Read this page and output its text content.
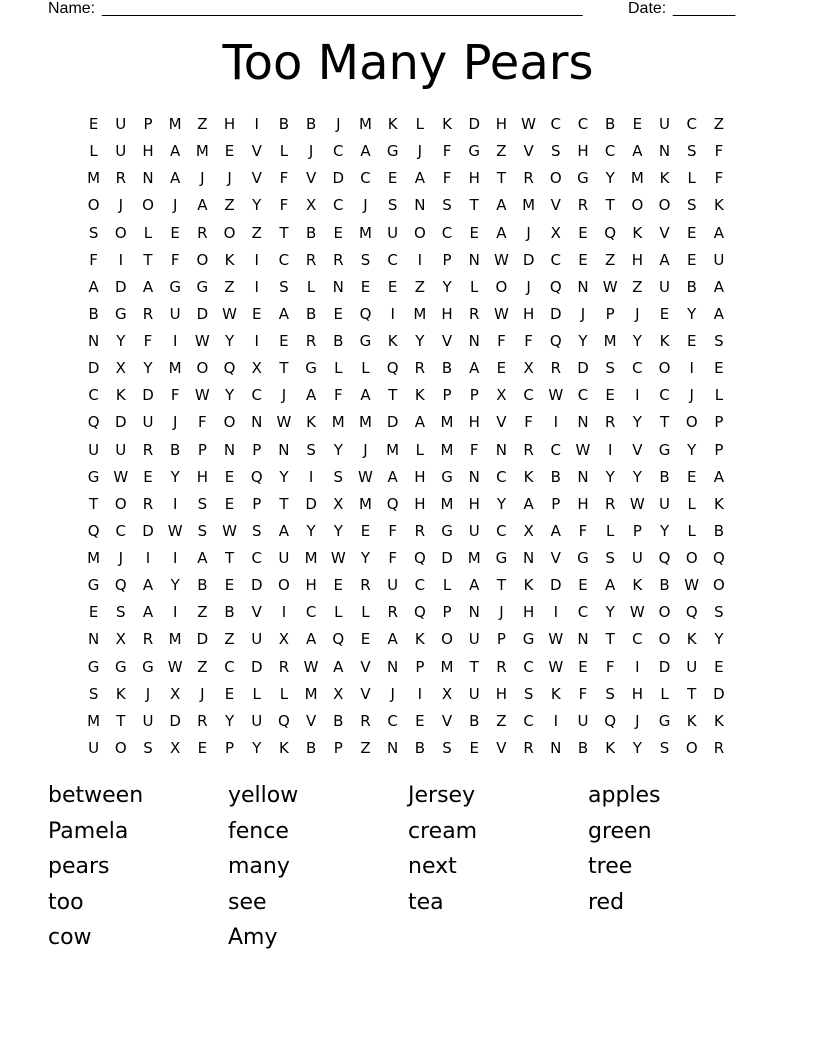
Name:

______________________________________________________

	Date:

_______

Too Many Pears
E	U	P	M	Z	H	I	B	B	J	M	K	L	K	D	H W C	C	B	E	U	C	Z
L	U	H	A	M	E	V	L	J	C	A	G	J	F	G	Z	V	S	H	C	A	N	S	F
M	R	N	A	J	J	V	F	V	D	C	E	A	F	H	T	R	O	G	Y	M	K	L	F
O	J	O	J	A	Z	Y	F	X	C	J	S	N	S	T	A	M	V	R	T	O	O	S	K
S	O	L	E	R	O	Z	T	B	E	M	U	O	C	E	A	J	X	E	Q	K	V	E	A
F	I	T	F	O	K	I	C	R	R	S	C	I	P	N W D	C	E	Z	H	A	E	U
A	D	A	G	G	Z	I	S	L	N	E	E	Z	Y	L	O	J	Q	N W Z	U	B	A
B	G	R	U	D W	E	A	B	E	Q	I	M	H	R W H	D	J	P	J	E	Y	A
N	Y	F	I	W	Y	I	E	R	B	G	K	Y	V	N	F	F	Q	Y	M	Y	K	E	S
D	X	Y	M O	Q	X	T	G	L	L	Q	R	B	A	E	X	R	D	S	C	O	I	E
C	K	D	F	W	Y	C	J	A	F	A	T	K	P	P	X	C W C	E	I	C	J	L
Q	D	U	J	F	O	N W K	M M D	A	M	H	V	F	I	N	R	Y	T	O	P
U	U	R	B	P	N	P	N	S	Y	J	M	L	M	F	N	R	C W	I	V	G	Y	P
G W	E	Y	H	E	Q	Y	I	S	W A	H	G	N	C	K	B	N	Y	Y	B	E	A
T	O	R	I	S	E	P	T	D	X	M Q	H	M	H	Y	A	P	H	R W U	L	K
Q	C	D W	S	W	S	A	Y	Y	E	F	R	G	U	C	X	A	F	L	P	Y	L	B
M	J	I	I	A	T	C	U	M W	Y	F	Q	D M G	N	V	G	S	U	Q	O	Q
G	Q	A	Y	B	E	D	O	H	E	R	U	C	L	A	T	K	D	E	A	K	B W O
E	S	A	I	Z	B	V	I	C	L	L	R	Q	P	N	J	H	I	C	Y	W O	Q	S
N	X	R	M D	Z	U	X	A	Q	E	A	K	O	U	P	G W N	T	C	O	K	Y
G	G	G W Z	C	D	R W A	V	N	P	M	T	R	C W	E	F	I	D	U	E
S	K	J	X	J	E	L	L	M	X	V	J	I	X	U	H	S	K	F	S	H	L	T	D
M	T	U	D	R	Y	U	Q	V	B	R	C	E	V	B	Z	C	I	U	Q	J	G	K	K
U	O	S	X	E	P	Y	K	B	P	Z	N	B	S	E	V	R	N	B	K	Y	S	O	R
between	yellow	Jersey	apples
Pamela	fence	cream	green
pears	many	next	tree
too	see	tea	red
cow	Amy
